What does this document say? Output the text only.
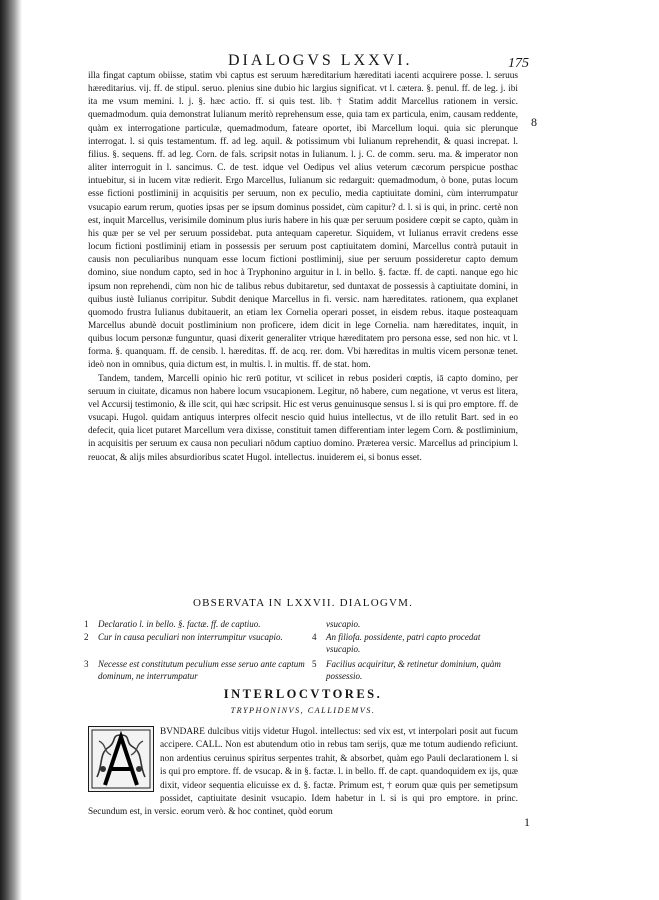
DIALOGVS LXXVI.	175
8
1

illa fingat captum obiisse, statim vbi captus est seruum hæreditarium hæreditati iacenti acquirere posse. l. seruus hæreditarius. vij. ff. de stipul. seruo. plenius sine dubio hic largius significat. vt l. cætera. §. penul. ff. de leg. j. ibi ita me vsum memini. l. j. §. hæc actio. ff. si quis test. lib. † Statim addit Marcellus rationem in versic. quemadmodum. quia demonstrat Iulianum meritò reprehensum esse, quia tam ex particula, enim, causam reddente, quàm ex interrogatione particulæ, quemadmodum, fateare oportet, ibi Marcellum loqui. quia sic plerunque interrogat. l. si quis testamentum. ff. ad leg. aquil. & potissimum vbi Iulianum reprehendit, & quasi increpat. l. filius. §. sequens. ff. ad leg. Corn. de fals. scripsit notas in Iulianum. l. j. C. de comm. seru. ma. & imperator non aliter interroguit in l. sancimus. C. de test. idque vel Oedipus vel alius veterum cæcorum perspicue posthac intuebitur, si in lucem vitæ redierit. Ergo Marcellus, Iulianum sic redarguit: quemadmodum, ò bone, putas locum esse fictioni postliminij in acquisitis per seruum, non ex peculio, media captiuitate domini, cùm interrumpatur vsucapio earum rerum, quoties ipsas per se ipsum dominus possidet, cùm capitur? d. l. si is qui, in princ. certè non est, inquit Marcellus, verisimile dominum plus iuris habere in his quæ per seruum posidere cœpit se capto, quàm in his quæ per se vel per seruum possidebat. puta antequam caperetur. Siquidem, vt Iulianus erravit credens esse locum fictioni postliminij etiam in possessis per seruum post captiuitatem domini, Marcellus contrà putauit in causis non peculiaribus nunquam esse locum fictioni postliminij, siue per seruum possideretur capto demum domino, siue nondum capto, sed in hoc à Tryphonino arguitur in l. in bello. §. factæ. ff. de capti. nanque ego hic ipsum non reprehendi, cùm non hic de talibus rebus dubitaretur, sed duntaxat de possessis à captiuitate domini, in quibus iustè Iulianus corripitur. Subdit denique Marcellus in fi. versic. nam hæreditates. rationem, qua explanet quomodo frustra Iulianus dubitauerit, an etiam lex Cornelia operari posset, in eisdem rebus. itaque posteaquam Marcellus abundè docuit postliminium non proficere, idem dicit in lege Cornelia. nam hæreditates, inquit, in quibus locum personæ funguntur, quasi dixerit generaliter vtrique hæreditatem pro persona esse, sed non hic. vt l. forma. §. quanquam. ff. de censib. l. hæreditas. ff. de acq. rer. dom. Vbi hæreditas in multis vicem personæ tenet. ideò non in omnibus, quia dictum est, in multis. l. in multis. ff. de stat. hom.

Tandem, tandem, Marcelli opinio hic rerū potitur, vt scilicet in rebus posideri cœptis, iā capto domino, per seruum in ciuitate, dicamus non habere locum vsucapionem. Legitur, nō habere, cum negatione, vt verus est litera, vel Accursij testimonio, & ille scit, qui hæc scripsit. Hic est verus genuinusque sensus l. si is qui pro emptore. ff. de vsucapi. Hugol. quidam antiquus interpres olfecit nescio quid huius intellectus, vt de illo retulit Bart. sed in eo defecit, quia licet putaret Marcellum vera dixisse, constituit tamen differentiam inter legem Corn. & postliminium, in acquisitis per seruum ex causa non peculiari nōdum captiuo domino. Præterea versic. Marcellus ad principium l. reuocat, & alijs miles absurdioribus scatet Hugol. intellectus. inuiderem ei, si bonus esset.

OBSERVATA IN LXXVII. DIALOGVM.
1 Declaratio l. in bello. §. factæ. ff. de captiuo.
2 Cur in causa peculiari non interrumpitur vsucapio.
3 Necesse est constitutum peculium esse seruo ante captum dominum, ne interrumpatur
4 An filiofa. possidente, patri capto procedat vsucapio.
5 Facilius acquiritur, & retinetur dominium, quàm possessio.
vsucapio.
INTERLOCVTORES.
TRYPHONINVS, CALLIDEMVS.
BVNDARE dulcibus vitijs videtur Hugol. intellectus: sed vix est, vt interpolari posit aut fucum accipere. CALL. Non est abutendum otio in rebus tam serijs, quæ me totum audiendo reficiunt. non ardentius ceruinus spiritus serpentes trahit, & absorbet, quàm ego Pauli declarationem l. si is qui pro emptore. ff. de vsucap. & in §. factæ. l. in bello. ff. de capt. quandoquidem ex ijs, quæ dixit, videor sequentia elicuisse ex d. §. factæ. Primum est, † eorum quæ quis per semetipsum possidet, captiuitate desinit vsucapio. Idem habetur in l. si is qui pro emptore. in princ. Secundum est, in versic. eorum verò. & hoc continet, quòd eorum
